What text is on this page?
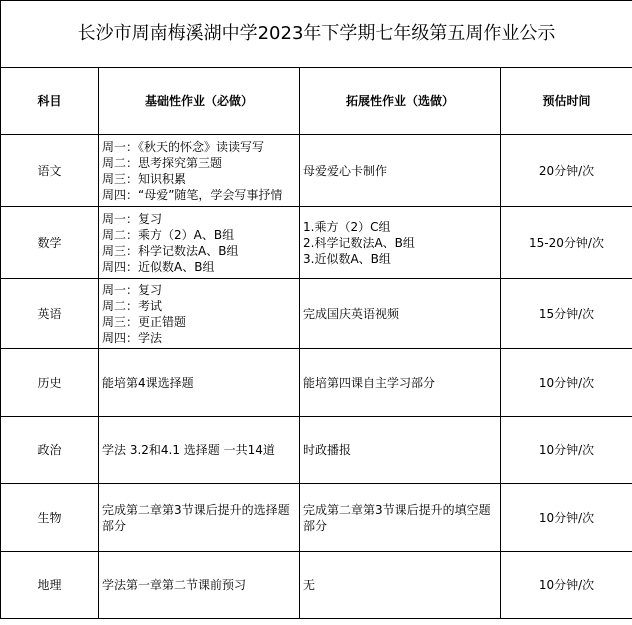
长沙市周南梅溪湖中学2023年下学期七年级第五周作业公示			
科目	基础性作业（必做）	拓展性作业（选做）	预估时间
语文	周一：《秋天的怀念》读读写写
周二：思考探究第三题
周三：知识积累
周四：“母爱”随笔，学会写事抒情	母爱爱心卡制作	20分钟/次
数学	周一：复习
周二：乘方（2）A、B组
周三：科学记数法A、B组
周四：近似数A、B组	1.乘方（2）C组
2.科学记数法A、B组
3.近似数A、B组	15-20分钟/次
英语	周一：复习
周二：考试
周三：更正错题
周四：学法	完成国庆英语视频	15分钟/次
历史	能培第4课选择题	能培第四课自主学习部分	10分钟/次
政治	学法 3.2和4.1 选择题 一共14道	时政播报	10分钟/次
生物	完成第二章第3节课后提升的选择题部分	完成第二章第3节课后提升的填空题部分	10分钟/次
地理	学法第一章第二节课前预习	无	10分钟/次
